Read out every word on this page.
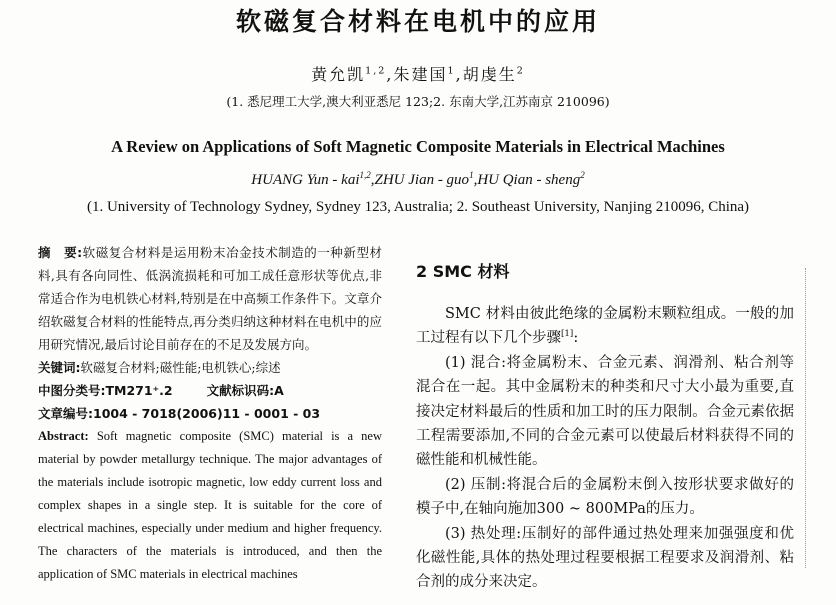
软磁复合材料在电机中的应用
黄允凯$^{1,2}$,朱建国$^1$,胡虔生$^2$
(1. 悉尼理工大学,澳大利亚悉尼 123;2. 东南大学,江苏南京 210096)
A Review on Applications of Soft Magnetic Composite Materials in Electrical Machines
HUANG Yun - kai$^{1,2}$,ZHU Jian - guo$^1$,HU Qian - sheng$^2$
(1. University of Technology Sydney, Sydney 123, Australia; 2. Southeast University, Nanjing 210096, China)

摘　要:软磁复合材料是运用粉末冶金技术制造的一种新型材料,具有各向同性、低涡流损耗和可加工成任意形状等优点,非常适合作为电机铁心材料,特别是在中高频工作条件下。文章介绍软磁复合材料的性能特点,再分类归纳这种材料在电机中的应用研究情况,最后讨论目前存在的不足及发展方向。

关键词:软磁复合材料;磁性能;电机铁心;综述

中图分类号:TM271⁺.2	文献标识码:A

文章编号:1004 - 7018(2006)11 - 0001 - 03

Abstract: Soft magnetic composite (SMC) material is a new material by powder metallurgy technique. The major advantages of the materials include isotropic magnetic, low eddy current loss and complex shapes in a single step. It is suitable for the core of electrical machines, especially under medium and higher frequency. The characters of the materials is introduced, and then the application of SMC materials in electrical machines

2 SMC 材料

SMC 材料由彼此绝缘的金属粉末颗粒组成。一般的加工过程有以下几个步骤[1]:

(1) 混合:将金属粉末、合金元素、润滑剂、粘合剂等混合在一起。其中金属粉末的种类和尺寸大小最为重要,直接决定材料最后的性质和加工时的压力限制。合金元素依据工程需要添加,不同的合金元素可以使最后材料获得不同的磁性能和机械性能。

(2) 压制:将混合后的金属粉末倒入按形状要求做好的模子中,在轴向施加300 ~ 800MPa的压力。

(3) 热处理:压制好的部件通过热处理来加强强度和优化磁性能,具体的热处理过程要根据工程要求及润滑剂、粘合剂的成分来决定。
